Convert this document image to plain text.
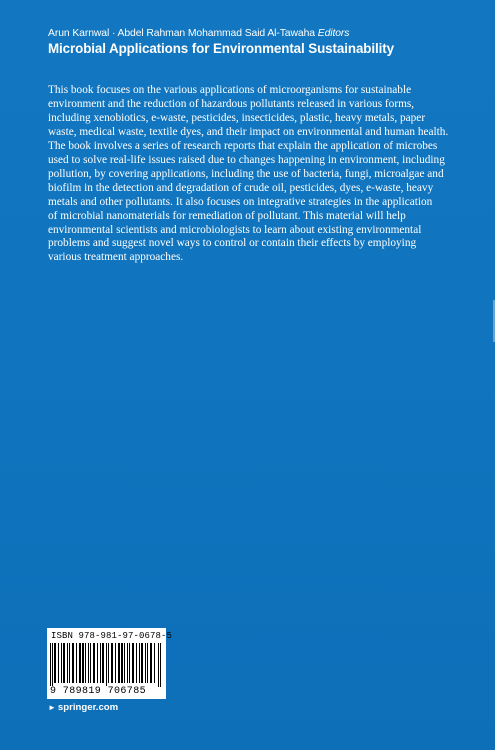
Arun Karnwal · Abdel Rahman Mohammad Said Al-Tawaha Editors
Microbial Applications for Environmental Sustainability
This book focuses on the various applications of microorganisms for sustainable
environment and the reduction of hazardous pollutants released in various forms,
including xenobiotics, e-waste, pesticides, insecticides, plastic, heavy metals, paper
waste, medical waste, textile dyes, and their impact on environmental and human health.
The book involves a series of research reports that explain the application of microbes
used to solve real-life issues raised due to changes happening in environment, including
pollution, by covering applications, including the use of bacteria, fungi, microalgae and
biofilm in the detection and degradation of crude oil, pesticides, dyes, e-waste, heavy
metals and other pollutants. It also focuses on integrative strategies in the application
of microbial nanomaterials for remediation of pollutant. This material will help
environmental scientists and microbiologists to learn about existing environmental
problems and suggest novel ways to control or contain their effects by employing
various treatment approaches.
ISBN 978-981-97-0678-5
9 789819 706785
► springer.com
